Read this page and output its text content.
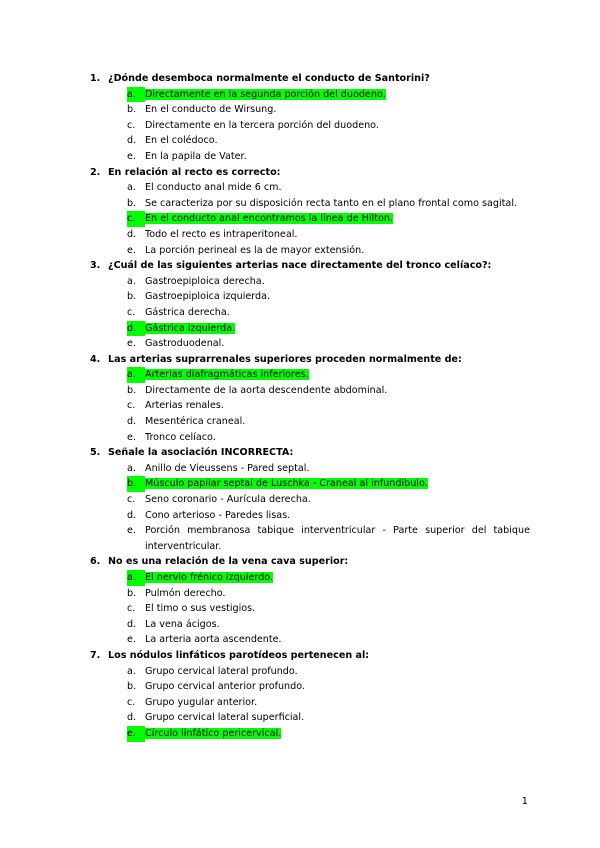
1. ¿Dónde desemboca normalmente el conducto de Santorini?
a. Directamente en la segunda porción del duodeno.
b. En el conducto de Wirsung.
c.	Directamente en la tercera porción del duodeno.
d. En el colédoco.
e. En la papila de Vater.
2. En relación al recto es correcto:
a. El conducto anal mide 6 cm.
b. Se caracteriza por su disposición recta tanto en el plano frontal como sagital.
c.	En el conducto anal encontramos la línea de Hilton.
d. Todo el recto es intraperitoneal.
e. La porción perineal es la de mayor extensión.
3. ¿Cuál de las siguientes arterias nace directamente del tronco celíaco?:
a. Gastroepiploica derecha.
b. Gastroepiploica izquierda.
c.	Gástrica derecha.
d. Gástrica izquierda.
e. Gastroduodenal.
4. Las arterias suprarrenales superiores proceden normalmente de:
a. Arterias diafragmáticas inferiores.
b. Directamente de la aorta descendente abdominal.
c.	Arterias renales.
d. Mesentérica craneal.
e. Tronco celíaco.
5. Señale la asociación INCORRECTA:
a. Anillo de Vieussens - Pared septal.
b. Músculo papilar septal de Luschka - Craneal al infundíbulo.
c.	Seno coronario - Aurícula derecha.
d. Cono arterioso - Paredes lisas.
e. Porción membranosa tabique interventricular - Parte superior del tabique interventricular.
6. No es una relación de la vena cava superior:
a. El nervio frénico izquierdo.
b. Pulmón derecho.
c.	El timo o sus vestigios.
d. La vena ácigos.
e. La arteria aorta ascendente.
7. Los nódulos linfáticos parotídeos pertenecen al:
a. Grupo cervical lateral profundo.
b. Grupo cervical anterior profundo.
c.	Grupo yugular anterior.
d. Grupo cervical lateral superficial.
e. Círculo linfático pericervical.
1
